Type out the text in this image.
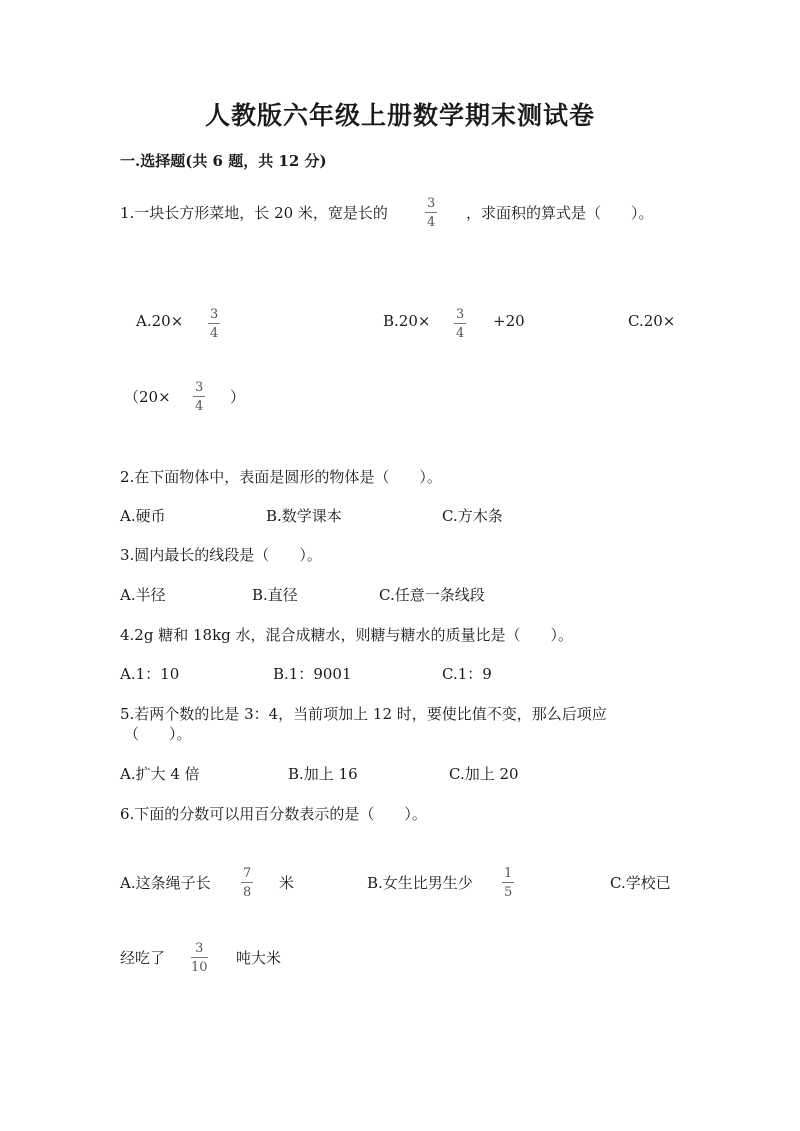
人教版六年级上册数学期末测试卷
一.选择题(共 6 题，共 12 分)
1.一块长方形菜地，长 20 米，宽是长的
3
4
，求面积的算式是（　　）。
A.20× 3
4
B.20× 3
4
+20	C.20×
（20×
3
4
）
2.在下面物体中，表面是圆形的物体是（　　）。
A.硬币	B.数学课本	C.方木条
3.圆内最长的线段是（　　）。
A.半径	B.直径	C.任意一条线段
4.2g 糖和 18kg 水，混合成糖水，则糖与糖水的质量比是（　　）。
A.1：10	B.1：9001	C.1：9
5.若两个数的比是 3：4，当前项加上 12 时，要使比值不变，那么后项应
（　　）。
A.扩大 4 倍	B.加上 16	C.加上 20
6.下面的分数可以用百分数表示的是（　　）。
A.这条绳子长
7
8
米	B.女生比男生少
1
5
C.学校已
经吃了
3
10
吨大米
